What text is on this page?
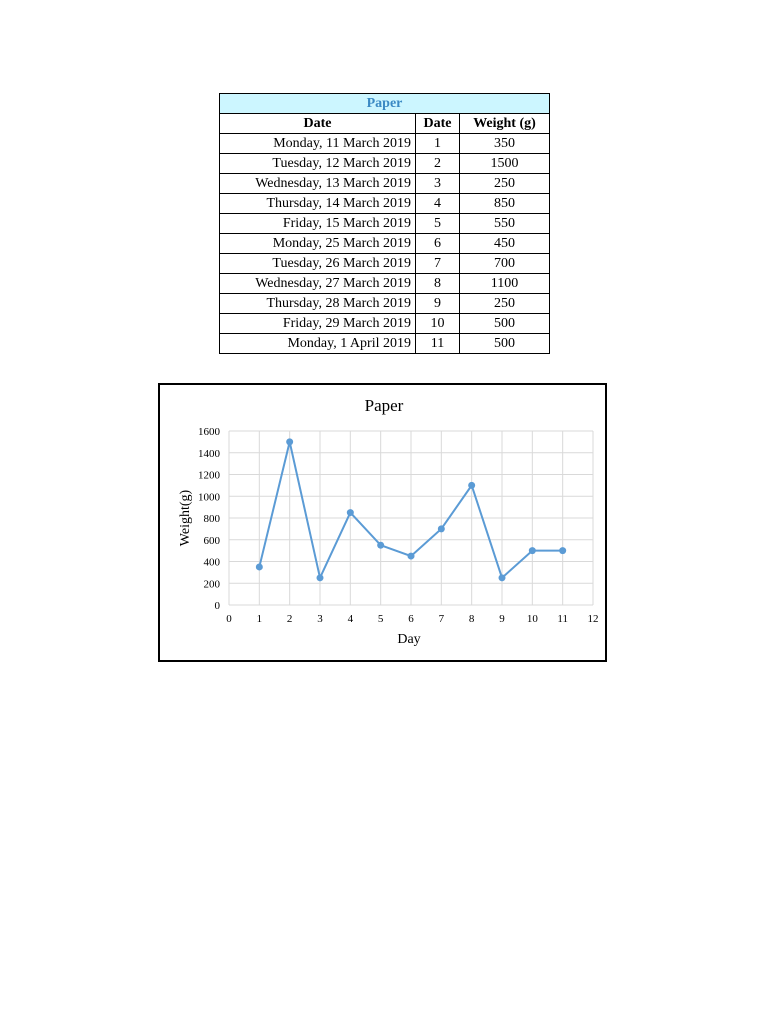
Paper		
Date	Date	Weight (g)
Monday, 11 March 2019	1	350
Tuesday, 12 March 2019	2	1500
Wednesday, 13 March 2019	3	250
Thursday, 14 March 2019	4	850
Friday, 15 March 2019	5	550
Monday, 25 March 2019	6	450
Tuesday, 26 March 2019	7	700
Wednesday, 27 March 2019	8	1100
Thursday, 28 March 2019	9	250
Friday, 29 March 2019	10	500
Monday, 1 April 2019	11	500
0 1 2 3 4 5 6 7 8 9 10 11 12
0
200
400
600
800
1000
1200
1400
1600
Paper
Day
Weight(g)
